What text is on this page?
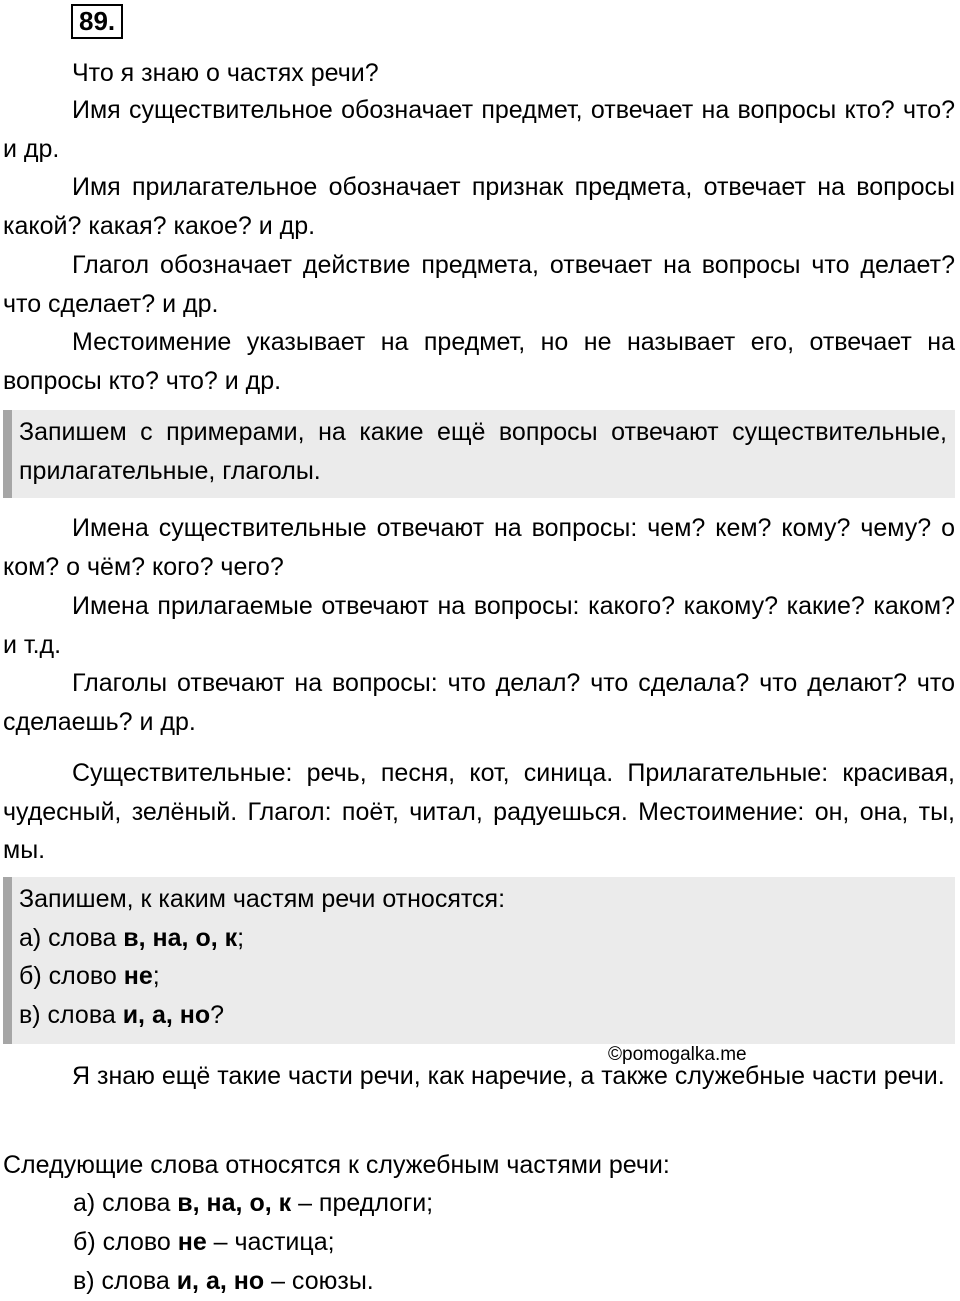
89.

Что я знаю о частях речи?

Имя существительное обозначает предмет, отвечает на вопросы кто? что? и др.

Имя прилагательное обозначает признак предмета, отвечает на вопросы какой? какая? какое? и др.

Глагол обозначает действие предмета, отвечает на вопросы что делает? что сделает? и др.

Местоимение указывает на предмет, но не называет его, отвечает на вопросы кто? что? и др.

Запишем с примерами, на какие ещё вопросы отвечают существительные, прилагательные, глаголы.

Имена существительные отвечают на вопросы: чем? кем? кому? чему? о ком? о чём? кого? чего?

Имена прилагаемые отвечают на вопросы: какого? какому? какие? каком? и т.д.

Глаголы отвечают на вопросы: что делал? что сделала? что делают? что сделаешь? и др.

Существительные: речь, песня, кот, синица. Прилагательные: красивая, чудесный, зелёный. Глагол: поёт, читал, радуешься. Местоимение: он, она, ты, мы.

Запишем, к каким частям речи относятся:
а) слова в, на, о, к;
б) слово не;
в) слова и, а, но?
©pomogalka.me

Я знаю ещё такие части речи, как наречие, а также служебные части речи.

Следующие слова относятся к служебным частями речи:

а) слова в, на, о, к – предлоги;
б) слово не – частица;
в) слова и, а, но – союзы.
